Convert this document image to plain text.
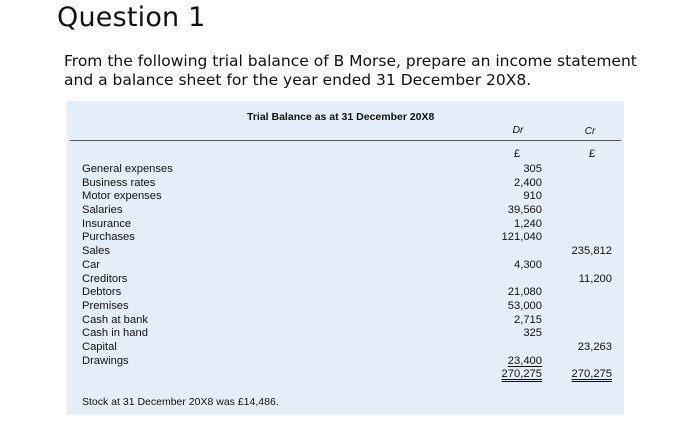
Question 1
From the following trial balance of B Morse, prepare an income statement and a balance sheet for the year ended 31 December 20X8.
Trial Balance as at 31 December 20X8
Dr	Cr
£	£
General expenses
Business rates
Motor expenses
Salaries
Insurance
Purchases
Sales
Car
Creditors
Debtors
Premises
Cash at bank
Cash in hand
Capital
Drawings
305
2,400
910
39,560
1,240
121,040
4,300
21,080
53,000
2,715
325
23,400
270,275
235,812
11,200
23,263
270,275
Stock at 31 December 20X8 was £14,486.
